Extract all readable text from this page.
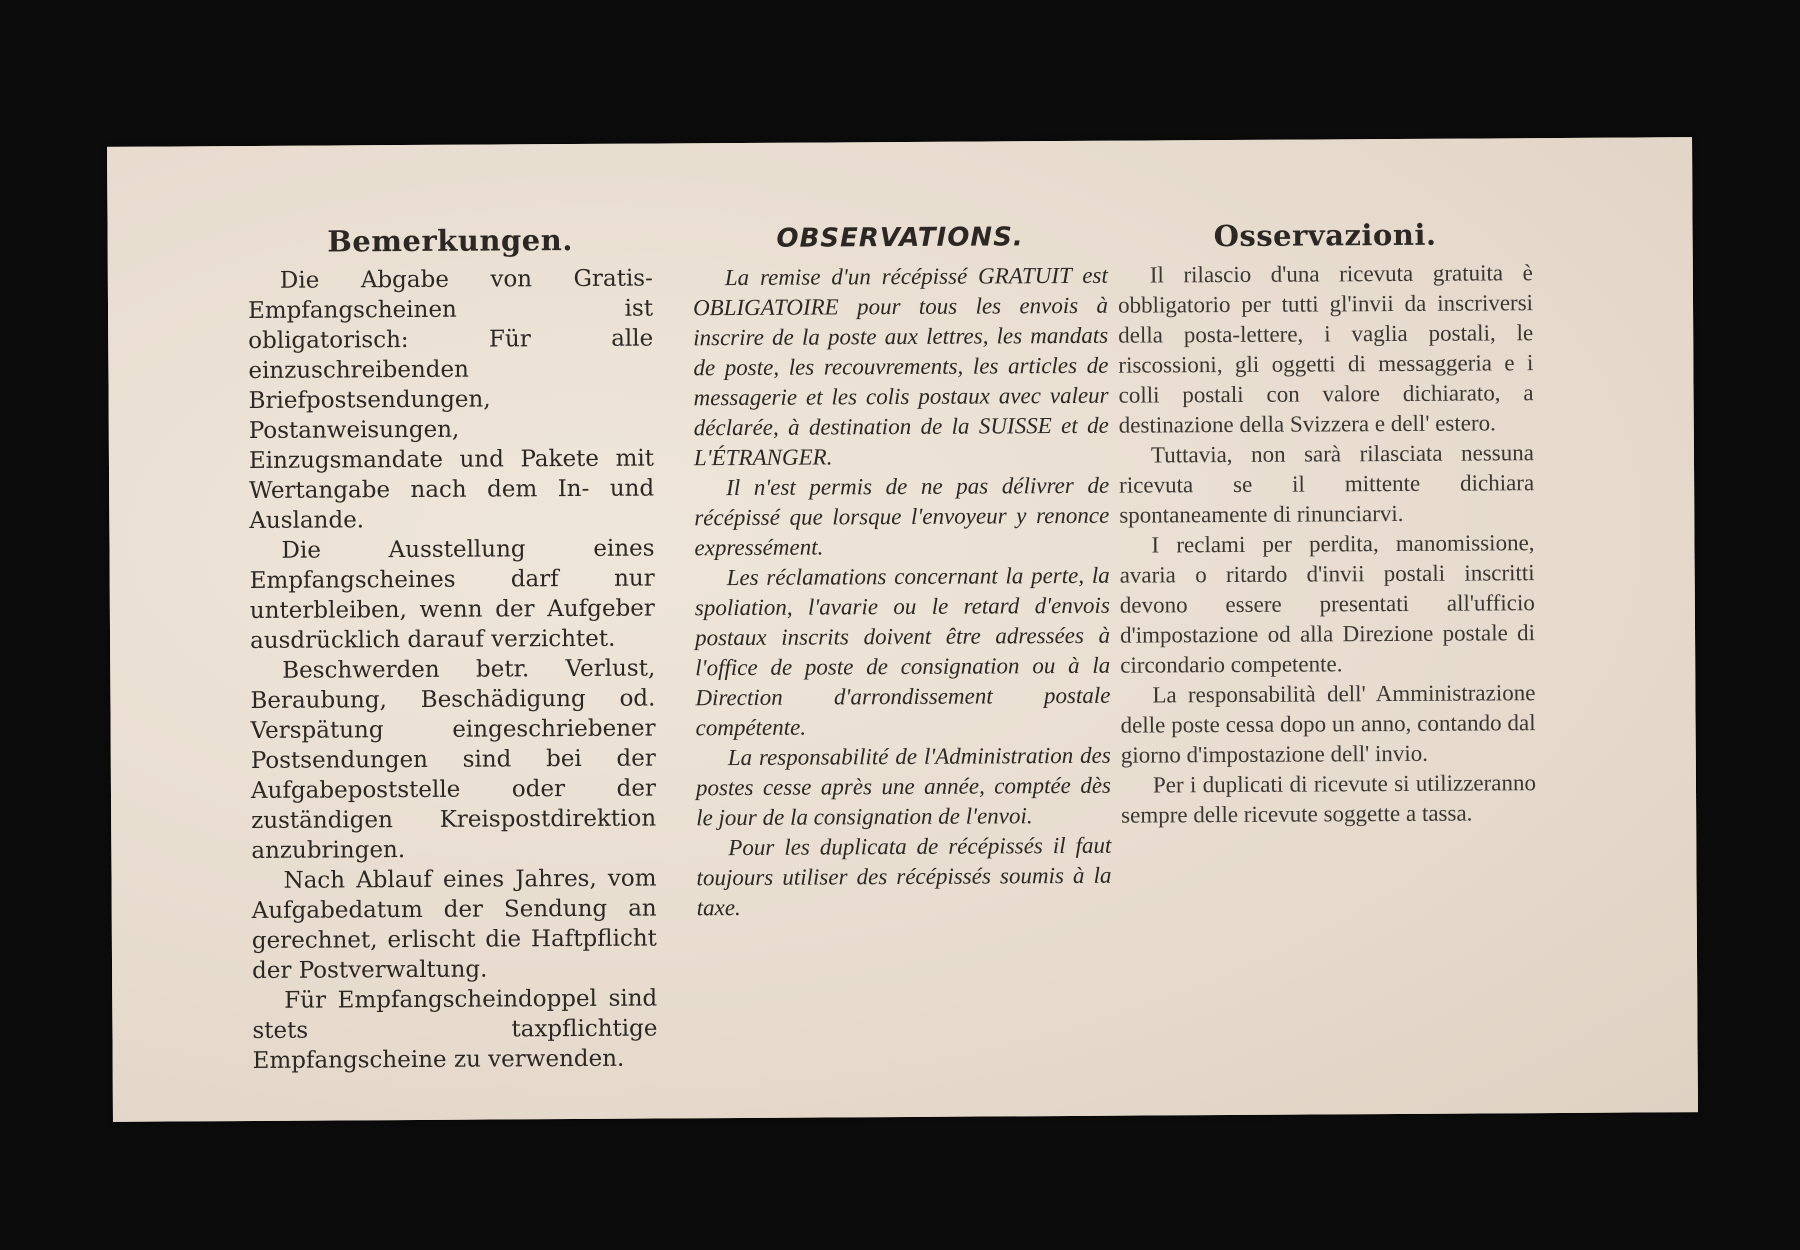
Bemerkungen.

Die Abgabe von Gratis-Empfangscheinen ist obligatorisch: Für alle einzuschreibenden Briefpostsendungen, Postanweisungen, Einzugsmandate und Pakete mit Wertangabe nach dem In- und Auslande.

Die Ausstellung eines Empfangscheines darf nur unterbleiben, wenn der Aufgeber ausdrücklich darauf verzichtet.

Beschwerden betr. Verlust, Beraubung, Beschädigung od. Verspätung eingeschriebener Postsendungen sind bei der Aufgabepoststelle oder der zuständigen Kreispostdirektion anzubringen.

Nach Ablauf eines Jahres, vom Aufgabedatum der Sendung an gerechnet, erlischt die Haftpflicht der Postverwaltung.

Für Empfangscheindoppel sind stets taxpflichtige Empfangscheine zu verwenden.

OBSERVATIONS.

La remise d'un récépissé GRATUIT est OBLIGATOIRE pour tous les envois à inscrire de la poste aux lettres, les mandats de poste, les recouvrements, les articles de messagerie et les colis postaux avec valeur déclarée, à destination de la SUISSE et de L'ÉTRANGER.

Il n'est permis de ne pas délivrer de récépissé que lorsque l'envoyeur y renonce expressément.

Les réclamations concernant la perte, la spoliation, l'avarie ou le retard d'envois postaux inscrits doivent être adressées à l'office de poste de consignation ou à la Direction d'arrondissement postale compétente.

La responsabilité de l'Administration des postes cesse après une année, comptée dès le jour de la consignation de l'envoi.

Pour les duplicata de récépissés il faut toujours utiliser des récépissés soumis à la taxe.

Osservazioni.

Il rilascio d'una ricevuta gratuita è obbligatorio per tutti gl'invii da inscriversi della posta-lettere, i vaglia postali, le riscossioni, gli oggetti di messaggeria e i colli postali con valore dichiarato, a destinazione della Svizzera e dell' estero.

Tuttavia, non sarà rilasciata nessuna ricevuta se il mittente dichiara spontaneamente di rinunciarvi.

I reclami per perdita, manomissione, avaria o ritardo d'invii postali inscritti devono essere presentati all'ufficio d'impostazione od alla Direzione postale di circondario competente.

La responsabilità dell' Amministrazione delle poste cessa dopo un anno, contando dal giorno d'impostazione dell' invio.

Per i duplicati di ricevute si utilizzeranno sempre delle ricevute soggette a tassa.
